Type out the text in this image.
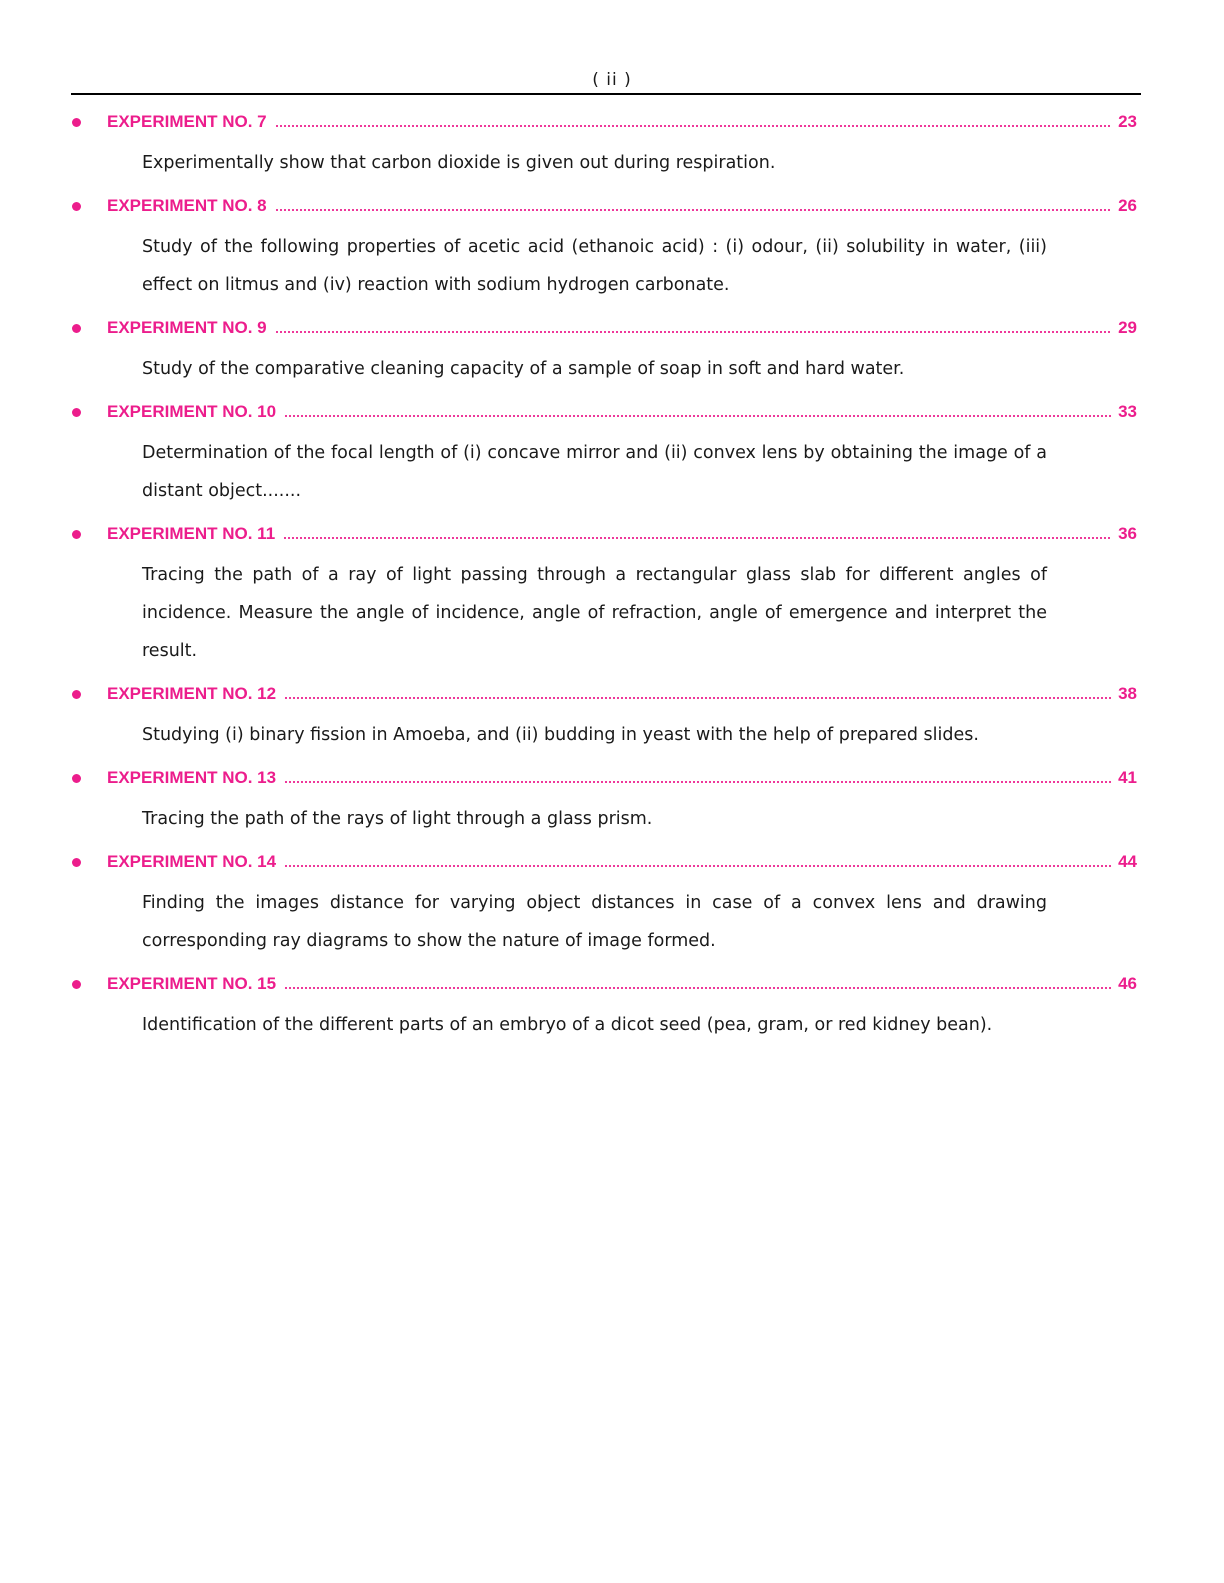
( ii )
EXPERIMENT NO. 7	23
Experimentally show that carbon dioxide is given out during respiration.
EXPERIMENT NO. 8	26
Study of the following properties of acetic acid (ethanoic acid) : (i) odour, (ii) solubility in water, (iii) effect on litmus and (iv) reaction with sodium hydrogen carbonate.
EXPERIMENT NO. 9	29
Study of the comparative cleaning capacity of a sample of soap in soft and hard water.
EXPERIMENT NO. 10	33
Determination of the focal length of (i) concave mirror and (ii) convex lens by obtaining the image of a distant object.......
EXPERIMENT NO. 11	36
Tracing the path of a ray of light passing through a rectangular glass slab for different angles of incidence. Measure the angle of incidence, angle of refraction, angle of emergence and interpret the result.
EXPERIMENT NO. 12	38
Studying (i) binary fission in Amoeba, and (ii) budding in yeast with the help of prepared slides.
EXPERIMENT NO. 13	41
Tracing the path of the rays of light through a glass prism.
EXPERIMENT NO. 14	44
Finding the images distance for varying object distances in case of a convex lens and drawing corresponding ray diagrams to show the nature of image formed.
EXPERIMENT NO. 15	46
Identification of the different parts of an embryo of a dicot seed (pea, gram, or red kidney bean).
